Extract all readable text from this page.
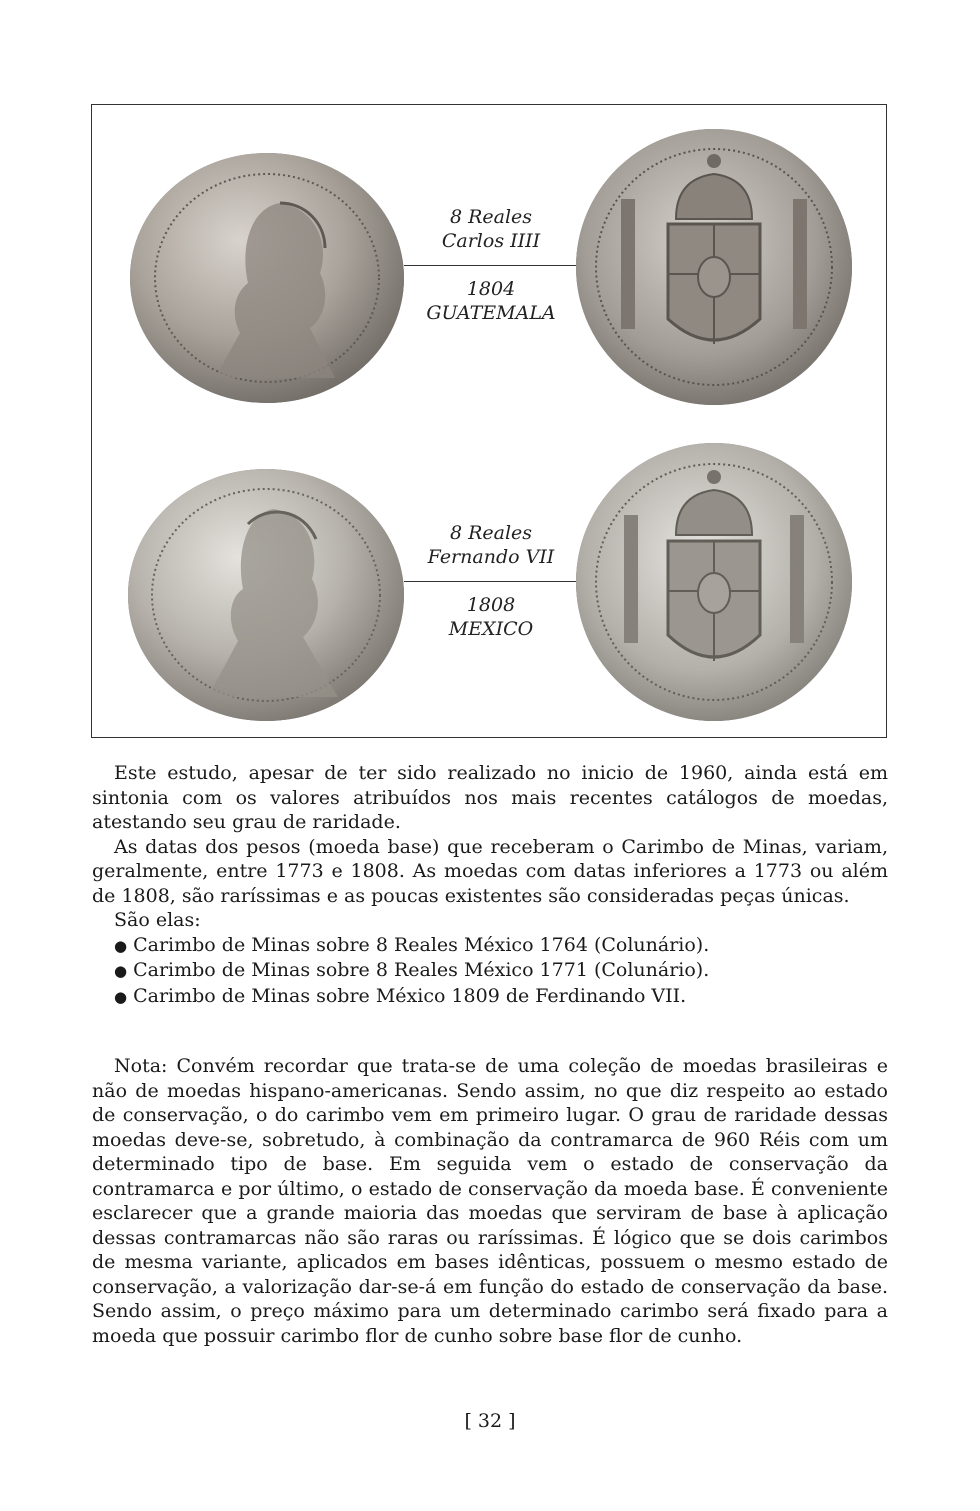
8 Reales
Carlos IIII
1804
GUATEMALA
8 Reales
Fernando VII
1808
MEXICO

Este estudo, apesar de ter sido realizado no inicio de 1960, ainda está em sintonia com os valores atribuídos nos mais recentes catálogos de moedas, atestando seu grau de raridade.

As datas dos pesos (moeda base) que receberam o Carimbo de Minas, variam, geralmente, entre 1773 e 1808. As moedas com datas inferiores a 1773 ou além de 1808, são raríssimas e as poucas existentes são consideradas peças únicas.

São elas:

● Carimbo de Minas sobre 8 Reales México 1764 (Colunário).
● Carimbo de Minas sobre 8 Reales México 1771 (Colunário).
● Carimbo de Minas sobre México 1809 de Ferdinando VII.

Nota: Convém recordar que trata-se de uma coleção de moedas brasileiras e não de moedas hispano-americanas. Sendo assim, no que diz respeito ao estado de conservação, o do carimbo vem em primeiro lugar. O grau de raridade dessas moedas deve-se, sobretudo, à combinação da contramarca de 960 Réis com um determinado tipo de base. Em seguida vem o estado de conservação da contramarca e por último, o estado de conservação da moeda base. É conveniente esclarecer que a grande maioria das moedas que serviram de base à aplicação dessas contramarcas não são raras ou raríssimas. É lógico que se dois carimbos de mesma variante, aplicados em bases idênticas, possuem o mesmo estado de conservação, a valorização dar-se-á em função do estado de conservação da base. Sendo assim, o preço máximo para um determinado carimbo será fixado para a moeda que possuir carimbo flor de cunho sobre base flor de cunho.

[ 32 ]
